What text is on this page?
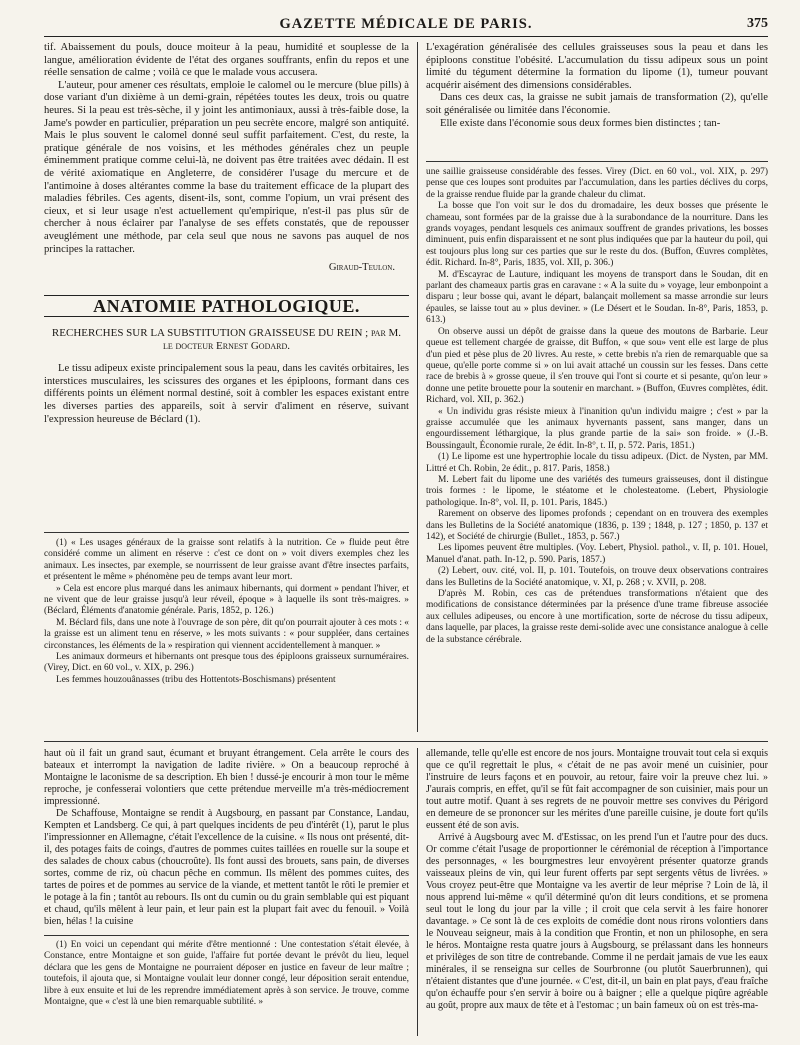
GAZETTE MÉDICALE DE PARIS.	375

tif. Abaissement du pouls, douce moiteur à la peau, humidité et souplesse de la langue, amélioration évidente de l'état des organes souffrants, enfin du repos et une réelle sensation de calme ; voilà ce que le malade vous accusera.

L'auteur, pour amener ces résultats, emploie le calomel ou le mercure (blue pills) à dose variant d'un dixième à un demi-grain, répétées toutes les deux, trois ou quatre heures. Si la peau est très-sèche, il y joint les antimoniaux, aussi à très-faible dose, la Jame's powder en particulier, préparation un peu secrète encore, malgré son antiquité. Mais le plus souvent le calomel donné seul suffit parfaitement. C'est, du reste, la pratique générale de nos voisins, et les méthodes générales chez un peuple éminemment pratique comme celui-là, ne doivent pas être traitées avec dédain. Il est de vérité axiomatique en Angleterre, de considérer l'usage du mercure et de l'antimoine à doses altérantes comme la base du traitement efficace de la plupart des maladies fébriles. Ces agents, disent-ils, sont, comme l'opium, un vrai présent des cieux, et si leur usage n'est actuellement qu'empirique, n'est-il pas plus sûr de chercher à nous éclairer par l'analyse de ses effets constatés, que de repousser aveuglément une méthode, par cela seul que nous ne savons pas auquel de nos principes la rattacher.

Giraud-Teulon.

ANATOMIE PATHOLOGIQUE.
RECHERCHES SUR LA SUBSTITUTION GRAISSEUSE DU REIN ; par M. le docteur Ernest Godard.

Le tissu adipeux existe principalement sous la peau, dans les cavités orbitaires, les interstices musculaires, les scissures des organes et les épiploons, formant dans ces différents points un élément normal destiné, soit à combler les espaces existant entre les diverses parties des appareils, soit à servir d'aliment en réserve, suivant l'expression heureuse de Béclard (1).

(1) « Les usages généraux de la graisse sont relatifs à la nutrition. Ce » fluide peut être considéré comme un aliment en réserve : c'est ce dont on » voit divers exemples chez les animaux. Les insectes, par exemple, se nourrissent de leur graisse avant d'être insectes parfaits, et présentent le même » phénomène peu de temps avant leur mort.

» Cela est encore plus marqué dans les animaux hibernants, qui dorment » pendant l'hiver, et ne vivent que de leur graisse jusqu'à leur réveil, époque » à laquelle ils sont très-maigres. » (Béclard, Éléments d'anatomie générale. Paris, 1852, p. 126.)

M. Béclard fils, dans une note à l'ouvrage de son père, dit qu'on pourrait ajouter à ces mots : « la graisse est un aliment tenu en réserve, » les mots suivants : « pour suppléer, dans certaines circonstances, les éléments de la » respiration qui viennent accidentellement à manquer. »

Les animaux dormeurs et hibernants ont presque tous des épiploons graisseux surnuméraires. (Virey, Dict. en 60 vol., v. XIX, p. 296.)

Les femmes houzouânasses (tribu des Hottentots-Boschismans) présentent

L'exagération généralisée des cellules graisseuses sous la peau et dans les épiploons constitue l'obésité. L'accumulation du tissu adipeux sous un point limité du tégument détermine la formation du lipome (1), tumeur pouvant acquérir aisément des dimensions considérables.

Dans ces deux cas, la graisse ne subit jamais de transformation (2), qu'elle soit généralisée ou limitée dans l'économie.

Elle existe dans l'économie sous deux formes bien distinctes ; tan-

une saillie graisseuse considérable des fesses. Virey (Dict. en 60 vol., vol. XIX, p. 297) pense que ces loupes sont produites par l'accumulation, dans les parties déclives du corps, de la graisse rendue fluide par la grande chaleur du climat.

La bosse que l'on voit sur le dos du dromadaire, les deux bosses que présente le chameau, sont formées par de la graisse due à la surabondance de la nourriture. Dans les grands voyages, pendant lesquels ces animaux souffrent de grandes privations, les bosses diminuent, puis enfin disparaissent et ne sont plus indiquées que par la hauteur du poil, qui est toujours plus long sur ces parties que sur le reste du dos. (Buffon, Œuvres complètes, édit. Richard. In-8°, Paris, 1835, vol. XII, p. 306.)

M. d'Escayrac de Lauture, indiquant les moyens de transport dans le Soudan, dit en parlant des chameaux partis gras en caravane : « A la suite du » voyage, leur embonpoint a disparu ; leur bosse qui, avant le départ, balançait mollement sa masse arrondie sur leurs épaules, se laisse tout au » plus deviner. » (Le Désert et le Soudan. In-8°, Paris, 1853, p. 613.)

On observe aussi un dépôt de graisse dans la queue des moutons de Barbarie. Leur queue est tellement chargée de graisse, dit Buffon, « que sou» vent elle est large de plus d'un pied et pèse plus de 20 livres. Au reste, » cette brebis n'a rien de remarquable que sa queue, qu'elle porte comme si » on lui avait attaché un coussin sur les fesses. Dans cette race de brebis à » grosse queue, il s'en trouve qui l'ont si courte et si pesante, qu'on leur » donne une petite brouette pour la soutenir en marchant. » (Buffon, Œuvres complètes, édit. Richard, vol. XII, p. 362.)

« Un individu gras résiste mieux à l'inanition qu'un individu maigre ; c'est » par la graisse accumulée que les animaux hyvernants passent, sans manger, dans un engourdissement léthargique, la plus grande partie de la sai» son froide. » (J.-B. Boussingault, Économie rurale, 2e édit. In-8°, t. II, p. 572. Paris, 1851.)

(1) Le lipome est une hypertrophie locale du tissu adipeux. (Dict. de Nysten, par MM. Littré et Ch. Robin, 2e édit., p. 817. Paris, 1858.)

M. Lebert fait du lipome une des variétés des tumeurs graisseuses, dont il distingue trois formes : le lipome, le stéatome et le cholesteatome. (Lebert, Physiologie pathologique. In-8°, vol. II, p. 101. Paris, 1845.)

Rarement on observe des lipomes profonds ; cependant on en trouvera des exemples dans les Bulletins de la Société anatomique (1836, p. 139 ; 1848, p. 127 ; 1850, p. 137 et 142), et Société de chirurgie (Bullet., 1853, p. 567.)

Les lipomes peuvent être multiples. (Voy. Lebert, Physiol. pathol., v. II, p. 101. Houel, Manuel d'anat. path. In-12, p. 590. Paris, 1857.)

(2) Lebert, ouv. cité, vol. II, p. 101. Toutefois, on trouve deux observations contraires dans les Bulletins de la Société anatomique, v. XI, p. 268 ; v. XVII, p. 208.

D'après M. Robin, ces cas de prétendues transformations n'étaient que des modifications de consistance déterminées par la présence d'une trame fibreuse associée aux cellules adipeuses, ou encore à une mortification, sorte de nécrose du tissu adipeux, dans laquelle, par places, la graisse reste demi-solide avec une consistance analogue à celle de la substance cérébrale.

haut où il fait un grand saut, écumant et bruyant étrangement. Cela arrête le cours des bateaux et interrompt la navigation de ladite rivière. » On a beaucoup reproché à Montaigne le laconisme de sa description. Eh bien ! dussé-je encourir à mon tour le même reproche, je confesserai volontiers que cette prétendue merveille m'a très-médiocrement impressionné.

De Schaffouse, Montaigne se rendit à Augsbourg, en passant par Constance, Landau, Kempten et Landsberg. Ce qui, à part quelques incidents de peu d'intérêt (1), parut le plus l'impressionner en Allemagne, c'était l'excellence de la cuisine. « Ils nous ont présenté, dit-il, des potages faits de coings, d'autres de pommes cuites taillées en rouelle sur la soupe et des salades de choux cabus (choucroûte). Ils font aussi des brouets, sans pain, de diverses sortes, comme de riz, où chacun pêche en commun. Ils mêlent des pommes cuites, des tartes de poires et de pommes au service de la viande, et mettent tantôt le rôti le premier et le potage à la fin ; tantôt au rebours. Ils ont du cumin ou du grain semblable qui est piquant et chaud, qu'ils mêlent à leur pain, et leur pain est la plupart fait avec du fenouil. » Voilà bien, hélas ! la cuisine

(1) En voici un cependant qui mérite d'être mentionné : Une contestation s'était élevée, à Constance, entre Montaigne et son guide, l'affaire fut portée devant le prévôt du lieu, lequel déclara que les gens de Montaigne ne pourraient déposer en justice en faveur de leur maître ; toutefois, il ajouta que, si Montaigne voulait leur donner congé, leur déposition serait entendue, libre à eux ensuite et lui de les reprendre immédiatement après à son service. Je trouve, comme Montaigne, que « c'est là une bien remarquable subtilité. »

allemande, telle qu'elle est encore de nos jours. Montaigne trouvait tout cela si exquis que ce qu'il regrettait le plus, « c'était de ne pas avoir mené un cuisinier, pour l'instruire de leurs façons et en pouvoir, au retour, faire voir la preuve chez lui. » J'aurais compris, en effet, qu'il se fût fait accompagner de son cuisinier, mais pour un tout autre motif. Quant à ses regrets de ne pouvoir mettre ses convives du Périgord en demeure de se prononcer sur les mérites d'une pareille cuisine, je doute fort qu'ils eussent été de son avis.

Arrivé à Augsbourg avec M. d'Estissac, on les prend l'un et l'autre pour des ducs. Or comme c'était l'usage de proportionner le cérémonial de réception à l'importance des personnages, « les bourgmestres leur envoyèrent présenter quatorze grands vaisseaux pleins de vin, qui leur furent offerts par sept sergents vêtus de livrées. » Vous croyez peut-être que Montaigne va les avertir de leur méprise ? Loin de là, il nous apprend lui-même « qu'il déterminé qu'on dit leurs conditions, et se promena seul tout le long du jour par la ville ; il croit que cela servit à les faire honorer davantage. » Ce sont là de ces exploits de comédie dont nous rirons volontiers dans le Nouveau seigneur, mais à la condition que Frontin, et non un philosophe, en sera le héros. Montaigne resta quatre jours à Augsbourg, se prélassant dans les honneurs et privilèges de son titre de contrebande. Comme il ne perdait jamais de vue les eaux minérales, il se renseigna sur celles de Sourbronne (ou plutôt Sauerbrunnen), qui n'étaient distantes que d'une journée. « C'est, dit-il, un bain en plat pays, d'eau fraîche qu'on échauffe pour s'en servir à boire ou à baigner ; elle a quelque piqûre agréable au goût, propre aux maux de tête et à l'estomac ; un bain fameux où on est très-ma-
